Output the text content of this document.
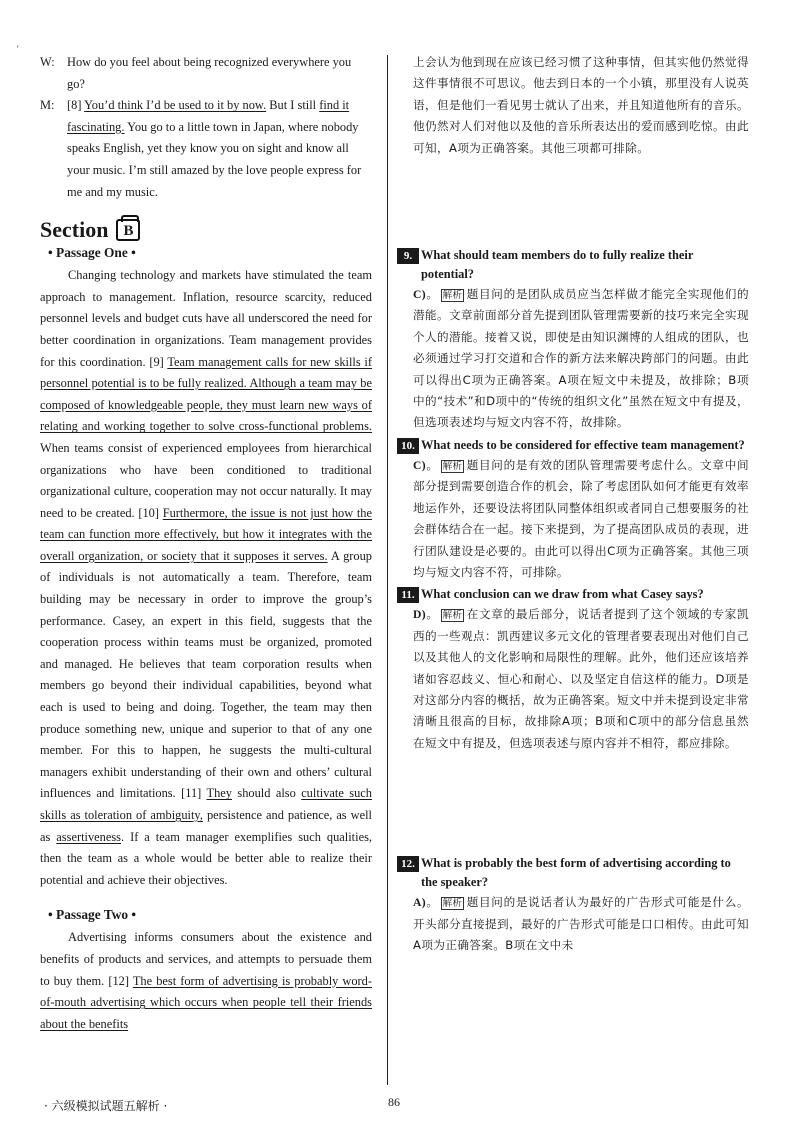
'
W: How do you feel about being recognized everywhere you go?
M:	[8] You’d think I’d be used to it by now. But I still find it fascinating. You go to a little town in Japan, where nobody speaks English, yet they know you on sight and know all your music. I’m still amazed by the love people express for me and my music.
Section B
• Passage One •
Changing technology and markets have stimulated the team approach to management. Inflation, resource scarcity, reduced personnel levels and budget cuts have all underscored the need for better coordination in organizations. Team management provides for this coordination. [9] Team management calls for new skills if personnel potential is to be fully realized. Although a team may be composed of knowledgeable people, they must learn new ways of relating and working together to solve cross-functional problems. When teams consist of experienced employees from hierarchical organizations who have been conditioned to traditional organizational culture, cooperation may not occur naturally. It may need to be created. [10] Furthermore, the issue is not just how the team can function more effectively, but how it integrates with the overall organization, or society that it supposes it serves. A group of individuals is not automatically a team. Therefore, team building may be necessary in order to improve the group’s performance. Casey, an expert in this field, suggests that the cooperation process within teams must be organized, promoted and managed. He believes that team corporation results when members go beyond their individual capabilities, beyond what each is used to being and doing. Together, the team may then produce something new, unique and superior to that of any one member. For this to happen, he suggests the multi-cultural managers exhibit understanding of their own and others’ cultural influences and limitations. [11] They should also cultivate such skills as toleration of ambiguity, persistence and patience, as well as assertiveness. If a team manager exemplifies such qualities, then the team as a whole would be better able to realize their potential and achieve their objectives.
• Passage Two •
Advertising informs consumers about the existence and benefits of products and services, and attempts to persuade them to buy them. [12] The best form of advertising is probably word-of-mouth advertising which occurs when people tell their friends about the benefits
上会认为他到现在应该已经习惯了这种事情，但其实他仍然觉得这件事情很不可思议。他去到日本的一个小镇，那里没有人说英语，但是他们一看见男士就认了出来，并且知道他所有的音乐。他仍然对人们对他以及他的音乐所表达出的爱而感到吃惊。由此可知，A项为正确答案。其他三项都可排除。
9. What should team members do to fully realize their potential?
C)。 解析 题目问的是团队成员应当怎样做才能完全实现他们的潜能。文章前面部分首先提到团队管理需要新的技巧来完全实现个人的潜能。接着又说，即使是由知识渊博的人组成的团队，也必须通过学习打交道和合作的新方法来解决跨部门的问题。由此可以得出C项为正确答案。A项在短文中未提及，故排除；B项中的“技术”和D项中的“传统的组织文化”虽然在短文中有提及，但选项表述均与短文内容不符，故排除。
10. What needs to be considered for effective team management?
C)。 解析 题目问的是有效的团队管理需要考虑什么。文章中间部分提到需要创造合作的机会，除了考虑团队如何才能更有效率地运作外，还要设法将团队同整体组织或者同自己想要服务的社会群体结合在一起。接下来提到，为了提高团队成员的表现，进行团队建设是必要的。由此可以得出C项为正确答案。其他三项均与短文内容不符，可排除。
11. What conclusion can we draw from what Casey says?
D)。 解析 在文章的最后部分，说话者提到了这个领域的专家凯西的一些观点：凯西建议多元文化的管理者要表现出对他们自己以及其他人的文化影响和局限性的理解。此外，他们还应该培养诸如容忍歧义、恒心和耐心、以及坚定自信这样的能力。D项是对这部分内容的概括，故为正确答案。短文中并未提到设定非常清晰且很高的目标，故排除A项；B项和C项中的部分信息虽然在短文中有提及，但选项表述与原内容并不相符，都应排除。
12. What is probably the best form of advertising according to the speaker?
A)。 解析 题目问的是说话者认为最好的广告形式可能是什么。开头部分直接提到，最好的广告形式可能是口口相传。由此可知A项为正确答案。B项在文中未
· 六级模拟试题五解析 ·	86
